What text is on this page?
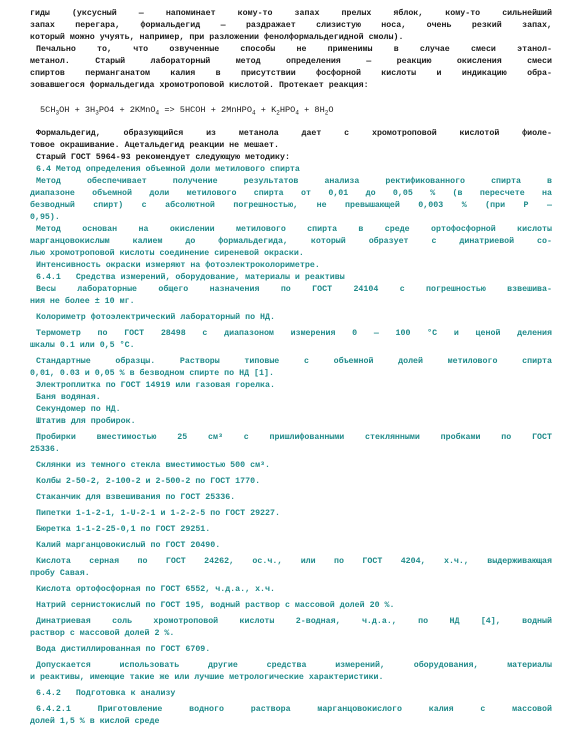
гиды (уксусный — напоминает кому-то запах прелых яблок, кому-то сильнейший
запах перегара, формальдегид — раздражает слизистую носа, очень резкий запах,
который можно учуять, например, при разложении фенолформальдегидной смолы).
Печально то, что озвученные способы не применимы в случае смеси этанол-
метанол. Старый лабораторный метод определения — реакцию окисления смеси
спиртов перманганатом калия в присутствии фосфорной кислоты и индикацию обра-
зовавшегося формальдегида хромотроповой кислотой. Протекает реакция:
$5CH_3OH + 3H_3PO4$ + 2KMnO$_4$ => 5HCOH + 2MnHPO$_4$ + $K_2HPO_4 + 8H_2O$
Формальдегид, образующийся из метанола дает с хромотроповой кислотой фиоле-
товое окрашивание. Ацетальдегид реакции не мешает.
Старый ГОСТ 5964-93 рекомендует следующую методику:
6.4 Метод определения объемной доли метилового спирта
Метод обеспечивает получение результатов анализа ректификованного спирта в
диапазоне объемной доли метилового спирта от 0,01 до 0,05 % (в пересчете на
безводный спирт) с абсолютной погрешностью, не превышающей 0,003 % (при Р —
0,95).
Метод основан на окислении метилового спирта в среде ортофосфорной кислоты
марганцовокислым калием до формальдегида, который образует с динатриевой со-
лью хромотроповой кислоты соединение сиреневой окраски.
Интенсивность окраски измеряют на фотоэлектроколориметре.
6.4.1   Средства измерений, оборудование, материалы и реактивы
Весы лабораторные общего назначения по ГОСТ 24104 с погрешностью взвешива-
ния не более ± 10 мг.
Колориметр фотоэлектрический лабораторный по НД.
Термометр по ГОСТ 28498 с диапазоном измерения 0 — 100 °С и ценой деления
шкалы 0.1 или 0,5 °С.
Стандартные образцы. Растворы типовые с объемной долей метилового спирта
0,01, 0.03 и 0,05 % в безводном спирте по НД [1].
Электроплитка по ГОСТ 14919 или газовая горелка.
Баня водяная.
Секундомер по НД.
Штатив для пробирок.
Пробирки вместимостью 25 см³ с пришлифованными стеклянными пробками по ГОСТ
25336.
Склянки из темного стекла вместимостью 500 см³.
Колбы 2-50-2, 2-100-2 и 2-500-2 по ГОСТ 1770.
Стаканчик для взвешивания по ГОСТ 25336.
Пипетки 1-1-2-1, 1-U-2-1 и 1-2-2-5 по ГОСТ 29227.
Бюретка 1-1-2-25-0,1 по ГОСТ 29251.
Калий марганцовокислый по ГОСТ 20490.
Кислота серная по ГОСТ 24262, ос.ч., или по ГОСТ 4204, х.ч., выдерживающая
пробу Савая.
Кислота ортофосфорная по ГОСТ 6552, ч.д.а., х.ч.
Натрий сернистокислый по ГОСТ 195, водный раствор с массовой долей 20 %.
Динатриевая соль хромотроповой кислоты 2-водная, ч.д.а., по НД [4], водный
раствор с массовой долей 2 %.
Вода дистиллированная по ГОСТ 6709.
Допускается использовать другие средства измерений, оборудования, материалы
и реактивы, имеющие такие же или лучшие метрологические характеристики.
6.4.2   Подготовка к анализу
6.4.2.1 Приготовление водного раствора марганцовокислого калия с массовой
долей 1,5 % в кислой среде
